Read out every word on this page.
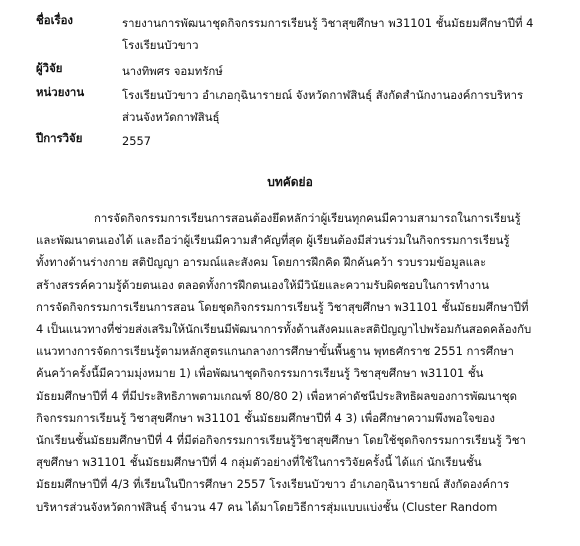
ชื่อเรื่อง	รายงานการพัฒนาชุดกิจกรรมการเรียนรู้ วิชาสุขศึกษา พ31101 ชั้นมัธยมศึกษาปีที่ 4
โรงเรียนบัวขาว
ผู้วิจัย	นางทิพศร จอมทรักษ์
หน่วยงาน	โรงเรียนบัวขาว อำเภอกุฉินารายณ์ จังหวัดกาฬสินธุ์ สังกัดสำนักงานองค์การบริหาร
ส่วนจังหวัดกาฬสินธุ์
ปีการวิจัย	2557
บทคัดย่อ
การจัดกิจกรรมการเรียนการสอนต้องยึดหลักว่าผู้เรียนทุกคนมีความสามารถในการเรียนรู้
และพัฒนาตนเองได้ และถือว่าผู้เรียนมีความสำคัญที่สุด ผู้เรียนต้องมีส่วนร่วมในกิจกรรมการเรียนรู้
ทั้งทางด้านร่างกาย สติปัญญา อารมณ์และสังคม โดยการฝึกคิด ฝึกค้นคว้า รวบรวมข้อมูลและ
สร้างสรรค์ความรู้ด้วยตนเอง ตลอดทั้งการฝึกตนเองให้มีวินัยและความรับผิดชอบในการทำงาน
การจัดกิจกรรมการเรียนการสอน โดยชุดกิจกรรมการเรียนรู้ วิชาสุขศึกษา พ31101 ชั้นมัธยมศึกษาปีที่
4 เป็นแนวทางที่ช่วยส่งเสริมให้นักเรียนมีพัฒนาการทั้งด้านสังคมและสติปัญญาไปพร้อมกันสอดคล้องกับ
แนวทางการจัดการเรียนรู้ตามหลักสูตรแกนกลางการศึกษาขั้นพื้นฐาน พุทธศักราช 2551 การศึกษา
ค้นคว้าครั้งนี้มีความมุ่งหมาย 1) เพื่อพัฒนาชุดกิจกรรมการเรียนรู้ วิชาสุขศึกษา พ31101 ชั้น
มัธยมศึกษาปีที่ 4 ที่มีประสิทธิภาพตามเกณฑ์ 80/80 2) เพื่อหาค่าดัชนีประสิทธิผลของการพัฒนาชุด
กิจกรรมการเรียนรู้ วิชาสุขศึกษา พ31101 ชั้นมัธยมศึกษาปีที่ 4 3) เพื่อศึกษาความพึงพอใจของ
นักเรียนชั้นมัธยมศึกษาปีที่ 4 ที่มีต่อกิจกรรมการเรียนรู้วิชาสุขศึกษา โดยใช้ชุดกิจกรรมการเรียนรู้ วิชา
สุขศึกษา พ31101 ชั้นมัธยมศึกษาปีที่ 4 กลุ่มตัวอย่างที่ใช้ในการวิจัยครั้งนี้ ได้แก่ นักเรียนชั้น
มัธยมศึกษาปีที่ 4/3 ที่เรียนในปีการศึกษา 2557 โรงเรียนบัวขาว อำเภอกุฉินารายณ์ สังกัดองค์การ
บริหารส่วนจังหวัดกาฬสินธุ์ จำนวน 47 คน ได้มาโดยวิธีการสุ่มแบบแบ่งชั้น (Cluster Random
